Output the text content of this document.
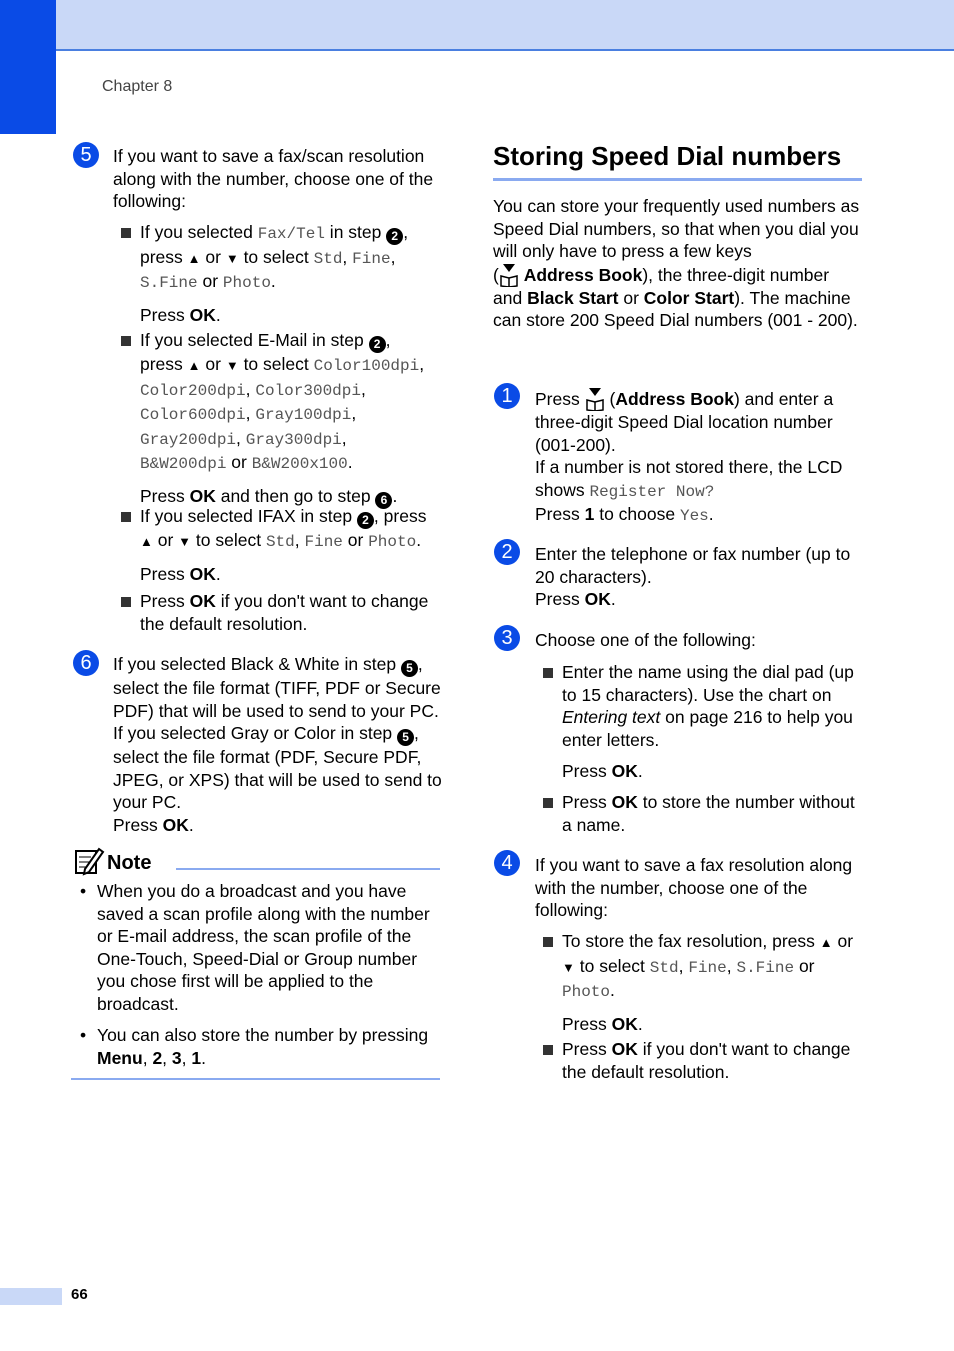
Chapter 8
5	If you want to save a fax/scan resolution along with the number, choose one of the following:
If you selected Fax/Tel in step 2 ,
press ▲ or ▼ to select Std, Fine,
S.Fine or Photo.

Press OK.

If you selected E-Mail in step 2 ,
press ▲ or ▼ to select Color100dpi,
Color200dpi, Color300dpi,
Color600dpi, Gray100dpi,
Gray200dpi, Gray300dpi,
B&W200dpi or B&W200x100.

Press OK and then go to step 6 .

If you selected IFAX in step 2 , press
▲ or ▼ to select Std, Fine or Photo.

Press OK.

Press OK if you don't want to change the default resolution.
6	If you selected Black & White in step 5 , select the file format (TIFF, PDF or Secure PDF) that will be used to send to your PC. If you selected Gray or Color in step 5 , select the file format (PDF, Secure PDF, JPEG, or XPS) that will be used to send to your PC.
Press OK.
Note
• When you do a broadcast and you have saved a scan profile along with the number or E-mail address, the scan profile of the One-Touch, Speed-Dial or Group number you chose first will be applied to the broadcast.
• You can also store the number by pressing Menu, 2, 3, 1.
Storing Speed Dial numbers
You can store your frequently used numbers as Speed Dial numbers, so that when you dial you will only have to press a few keys
( Address Book), the three-digit number and Black Start or Color Start). The machine can store 200 Speed Dial numbers (001 - 200).
1	Press  (Address Book) and enter a three-digit Speed Dial location number (001-200).
If a number is not stored there, the LCD shows Register Now?
Press 1 to choose Yes.
2	Enter the telephone or fax number (up to 20 characters).
Press OK.
3	Choose one of the following:
Enter the name using the dial pad (up to 15 characters). Use the chart on Entering text on page 216 to help you enter letters.

Press OK.

Press OK to store the number without a name.
4	If you want to save a fax resolution along with the number, choose one of the following:
To store the fax resolution, press ▲ or
▼ to select Std, Fine, S.Fine or
Photo.

Press OK.

Press OK if you don't want to change the default resolution.
66
